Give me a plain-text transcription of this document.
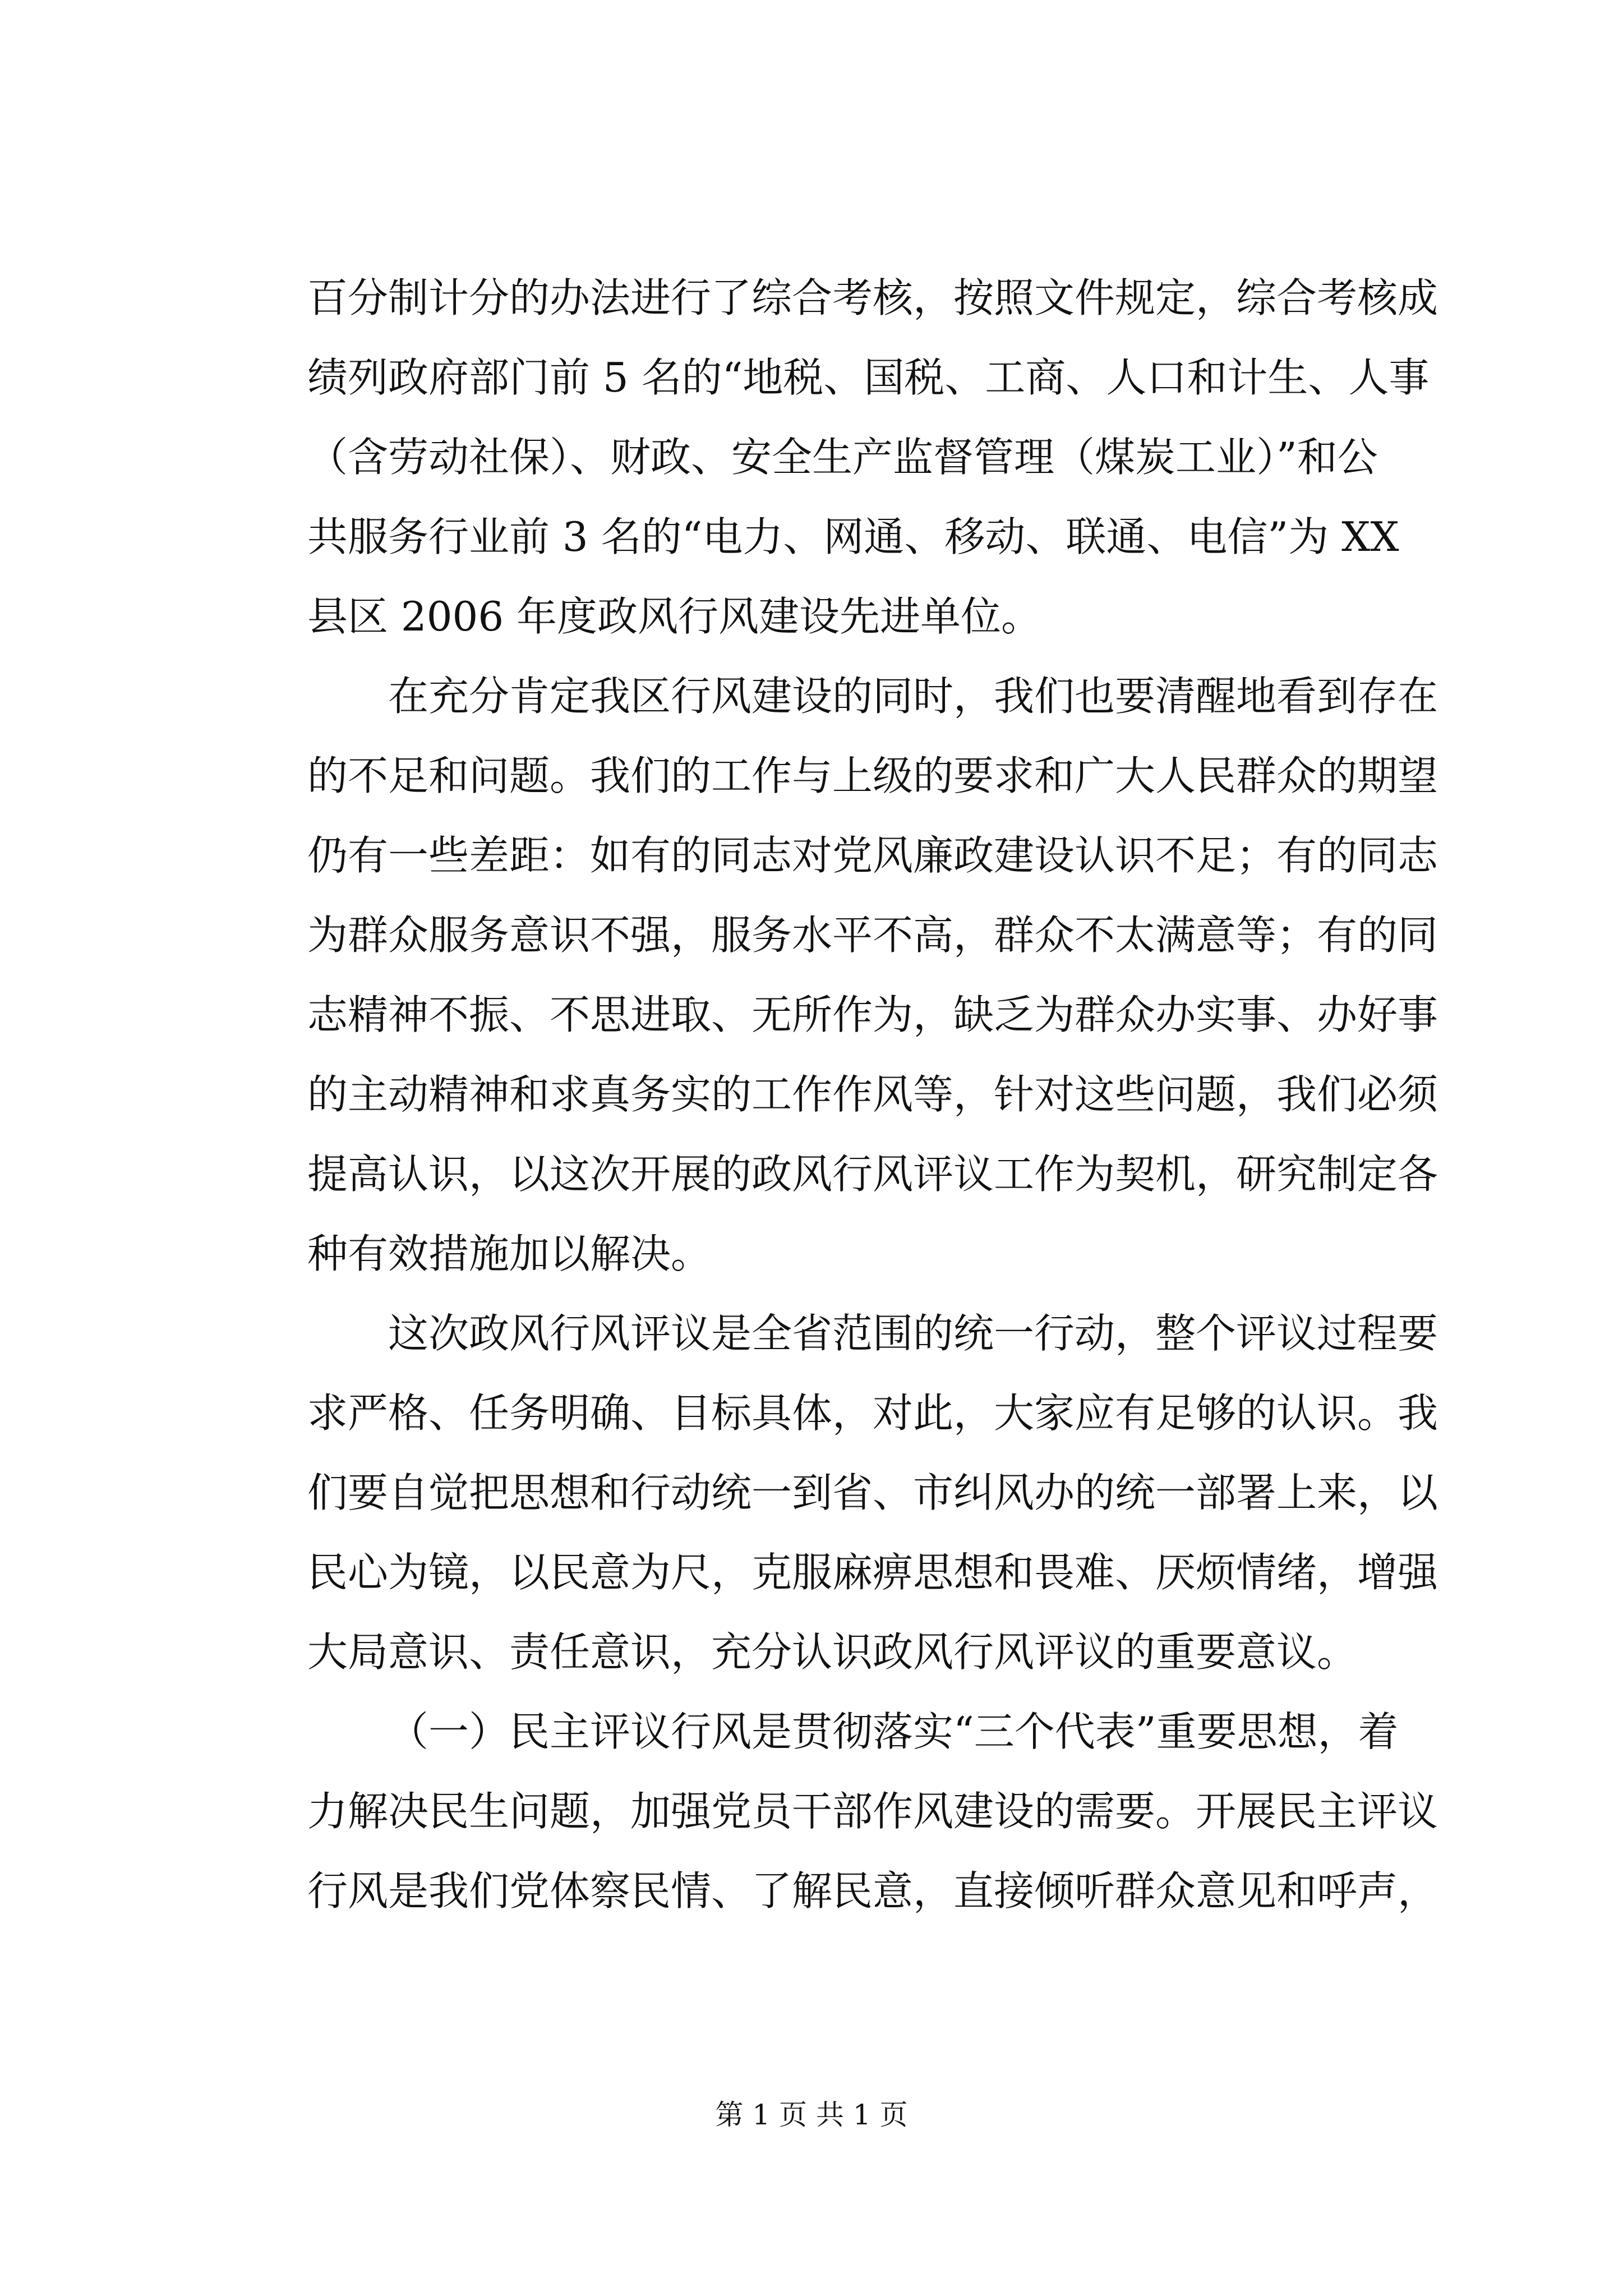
百分制计分的办法进行了综合考核，按照文件规定，综合考核成
绩列政府部门前 5 名的“地税、国税、工商、人口和计生、人事
（含劳动社保）、财政、安全生产监督管理（煤炭工业）”和公
共服务行业前 3 名的“电力、网通、移动、联通、电信”为 XX
县区 2006 年度政风行风建设先进单位。
在充分肯定我区行风建设的同时，我们也要清醒地看到存在
的不足和问题。我们的工作与上级的要求和广大人民群众的期望
仍有一些差距：如有的同志对党风廉政建设认识不足；有的同志
为群众服务意识不强，服务水平不高，群众不太满意等；有的同
志精神不振、不思进取、无所作为，缺乏为群众办实事、办好事
的主动精神和求真务实的工作作风等，针对这些问题，我们必须
提高认识，以这次开展的政风行风评议工作为契机，研究制定各
种有效措施加以解决。
这次政风行风评议是全省范围的统一行动，整个评议过程要
求严格、任务明确、目标具体，对此，大家应有足够的认识。我
们要自觉把思想和行动统一到省、市纠风办的统一部署上来，以
民心为镜，以民意为尺，克服麻痹思想和畏难、厌烦情绪，增强
大局意识、责任意识，充分认识政风行风评议的重要意议。
（一）民主评议行风是贯彻落实“三个代表”重要思想，着
力解决民生问题，加强党员干部作风建设的需要。开展民主评议
行风是我们党体察民情、了解民意，直接倾听群众意见和呼声，
第 1 页 共 1 页
